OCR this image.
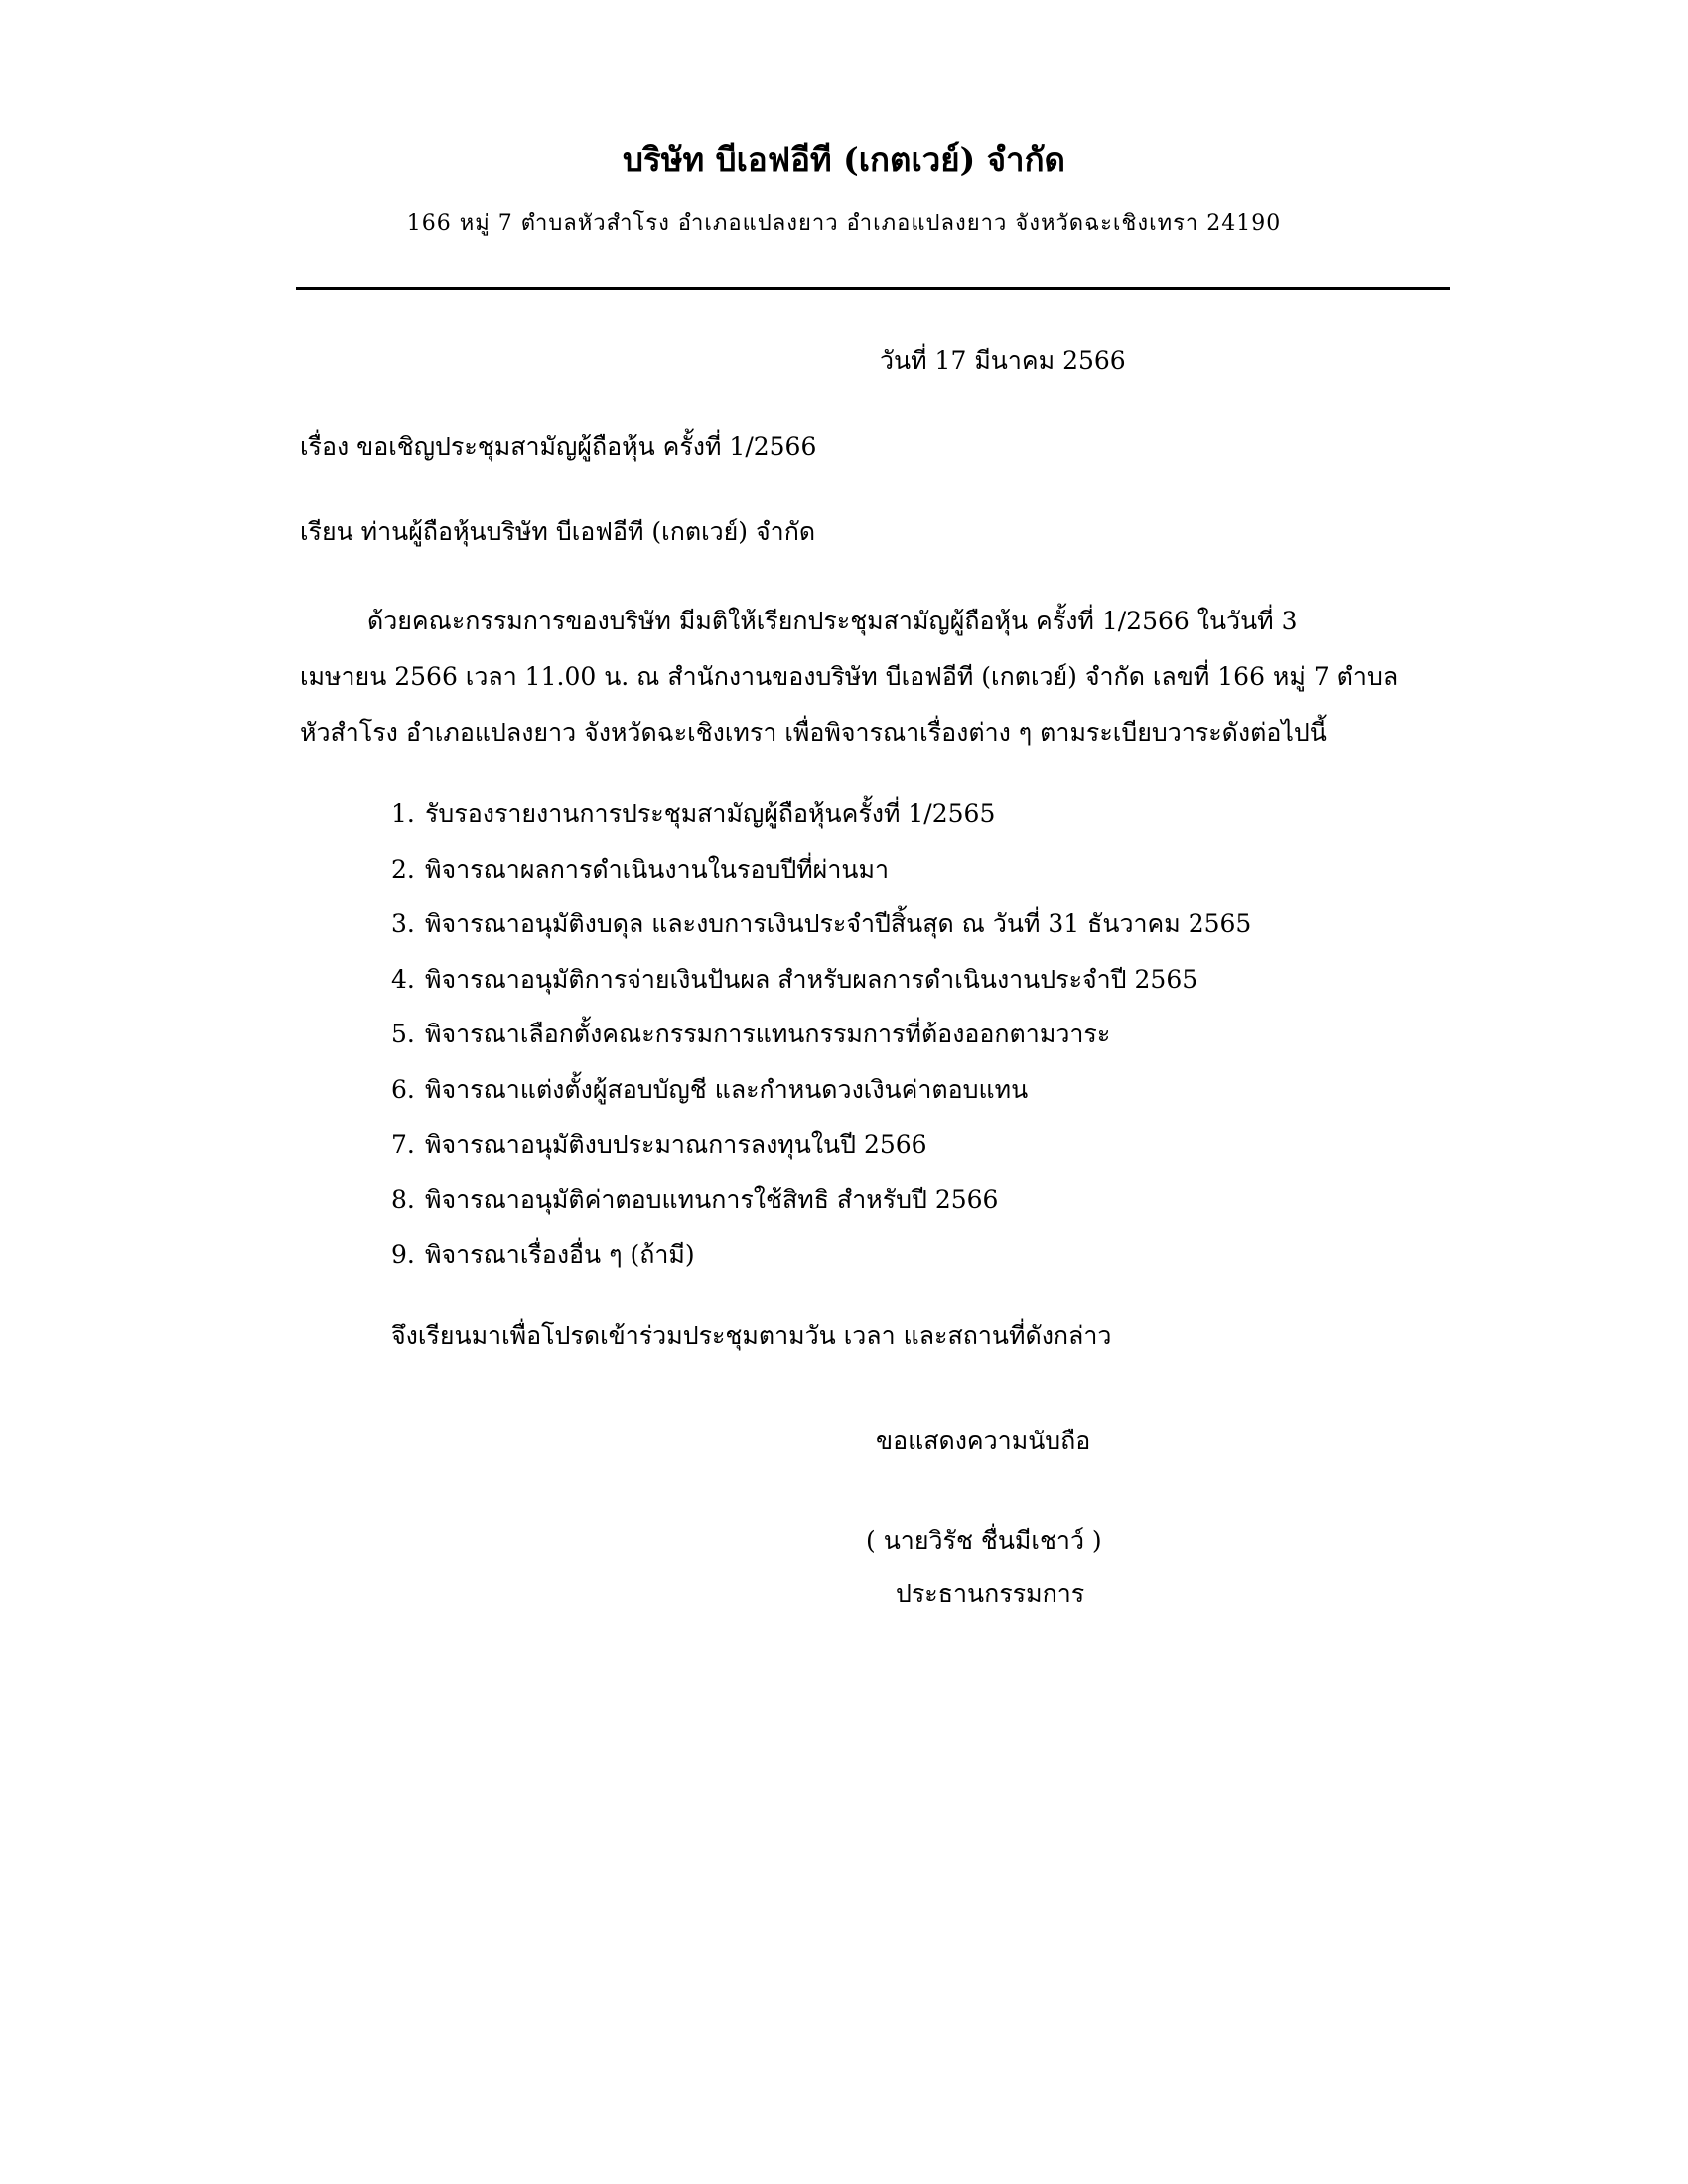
บริษัท บีเอฟอีที (เกตเวย์) จำกัด
166 หมู่ 7 ตำบลหัวสำโรง อำเภอแปลงยาว อำเภอแปลงยาว จังหวัดฉะเชิงเทรา 24190
วันที่ 17 มีนาคม 2566
เรื่อง ขอเชิญประชุมสามัญผู้ถือหุ้น ครั้งที่ 1/2566
เรียน ท่านผู้ถือหุ้นบริษัท บีเอฟอีที (เกตเวย์) จำกัด
ด้วยคณะกรรมการของบริษัท มีมติให้เรียกประชุมสามัญผู้ถือหุ้น ครั้งที่ 1/2566 ในวันที่ 3
เมษายน 2566 เวลา 11.00 น. ณ สำนักงานของบริษัท บีเอฟอีที (เกตเวย์) จำกัด เลขที่ 166 หมู่ 7 ตำบล
หัวสำโรง อำเภอแปลงยาว จังหวัดฉะเชิงเทรา เพื่อพิจารณาเรื่องต่าง ๆ ตามระเบียบวาระดังต่อไปนี้
1. รับรองรายงานการประชุมสามัญผู้ถือหุ้นครั้งที่ 1/2565
2. พิจารณาผลการดำเนินงานในรอบปีที่ผ่านมา
3. พิจารณาอนุมัติงบดุล และงบการเงินประจำปีสิ้นสุด ณ วันที่ 31 ธันวาคม 2565
4. พิจารณาอนุมัติการจ่ายเงินปันผล สำหรับผลการดำเนินงานประจำปี 2565
5. พิจารณาเลือกตั้งคณะกรรมการแทนกรรมการที่ต้องออกตามวาระ
6. พิจารณาแต่งตั้งผู้สอบบัญชี และกำหนดวงเงินค่าตอบแทน
7. พิจารณาอนุมัติงบประมาณการลงทุนในปี 2566
8. พิจารณาอนุมัติค่าตอบแทนการใช้สิทธิ สำหรับปี 2566
9. พิจารณาเรื่องอื่น ๆ (ถ้ามี)
จึงเรียนมาเพื่อโปรดเข้าร่วมประชุมตามวัน เวลา และสถานที่ดังกล่าว
ขอแสดงความนับถือ
( นายวิรัช ชื่นมีเชาว์ )
ประธานกรรมการ
